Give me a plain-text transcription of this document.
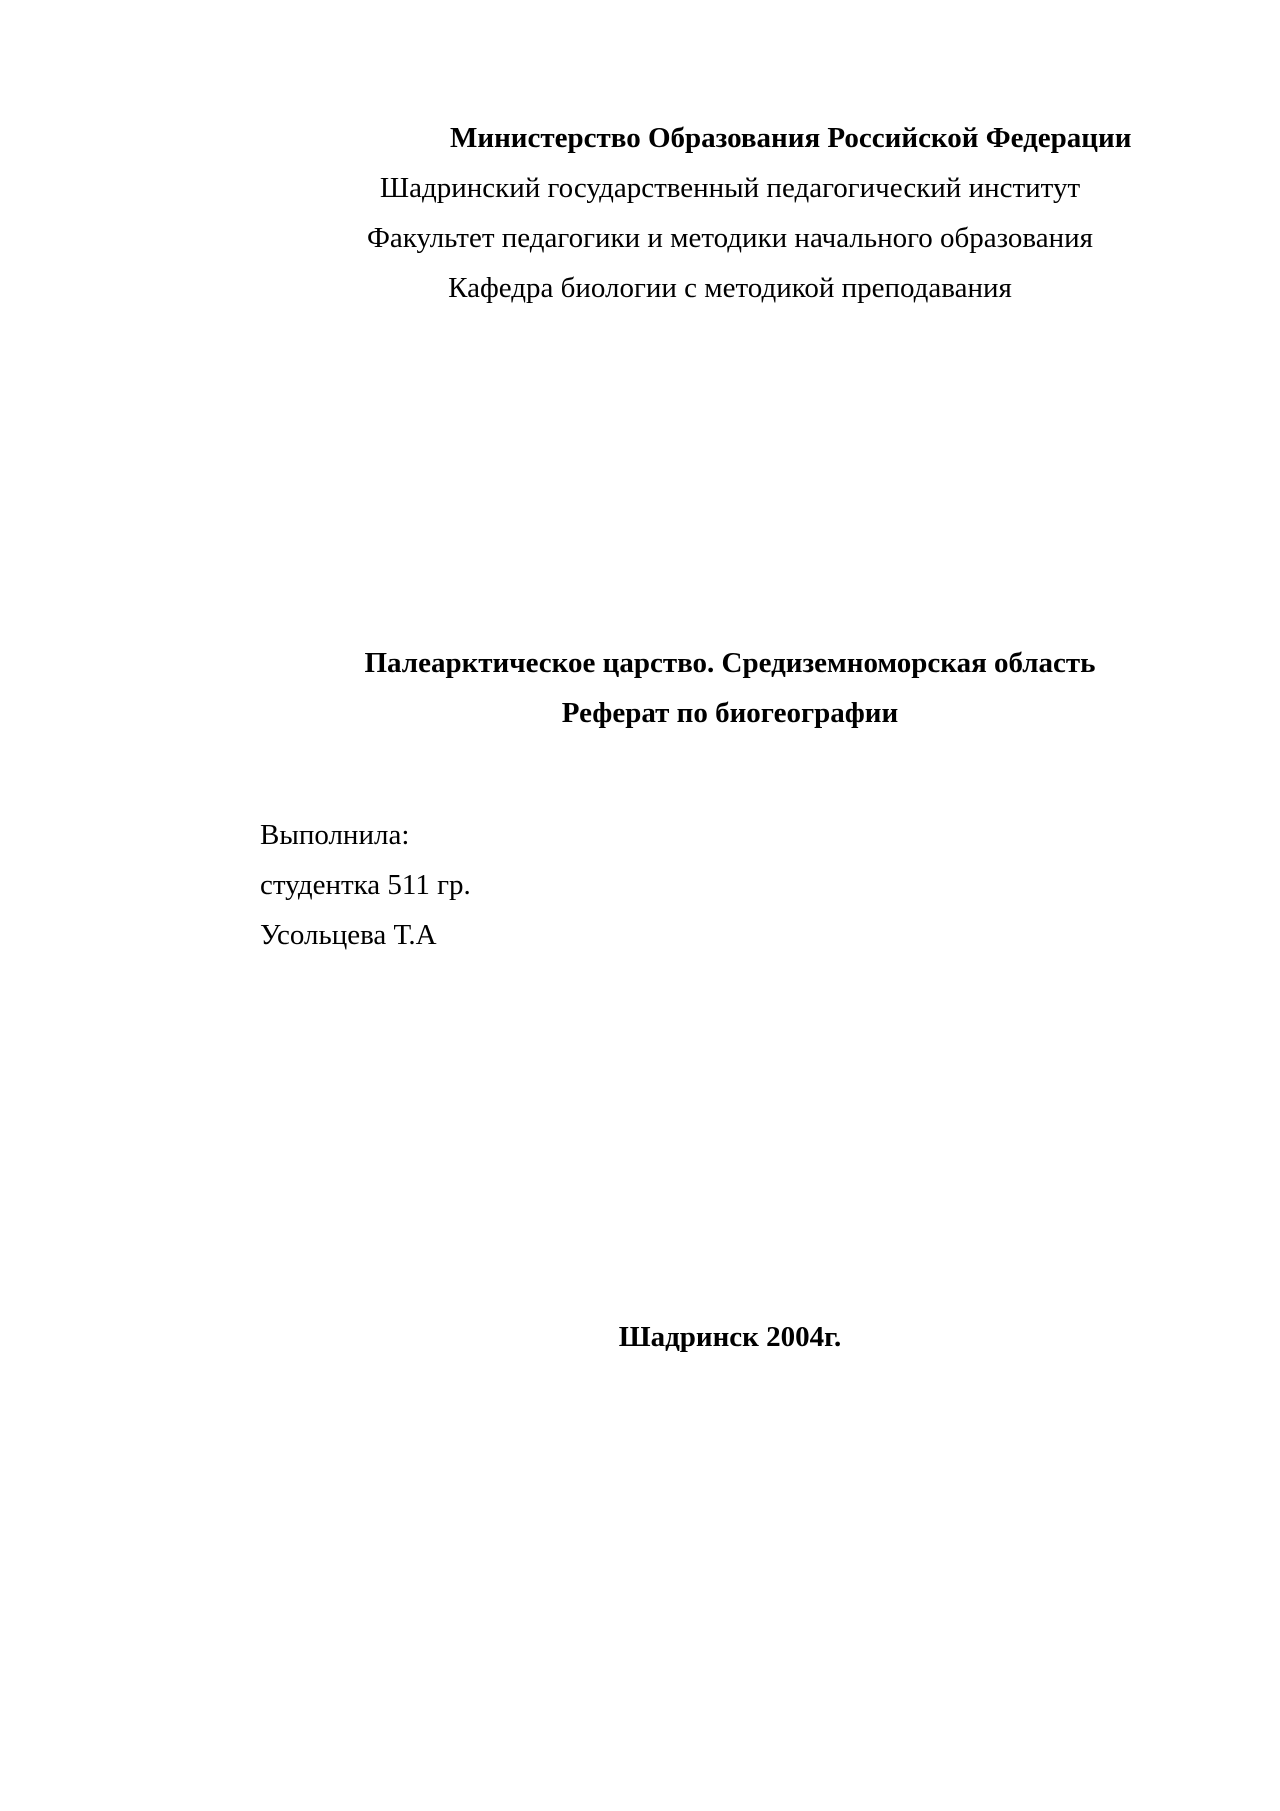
Министерство Образования Российской Федерации
Шадринский государственный педагогический институт
Факультет педагогики и методики начального образования
Кафедра биологии с методикой преподавания
Палеарктическое царство. Средиземноморская область
Реферат по биогеографии
Выполнила:
студентка 511 гр.
Усольцева Т.А
Шадринск 2004г.
